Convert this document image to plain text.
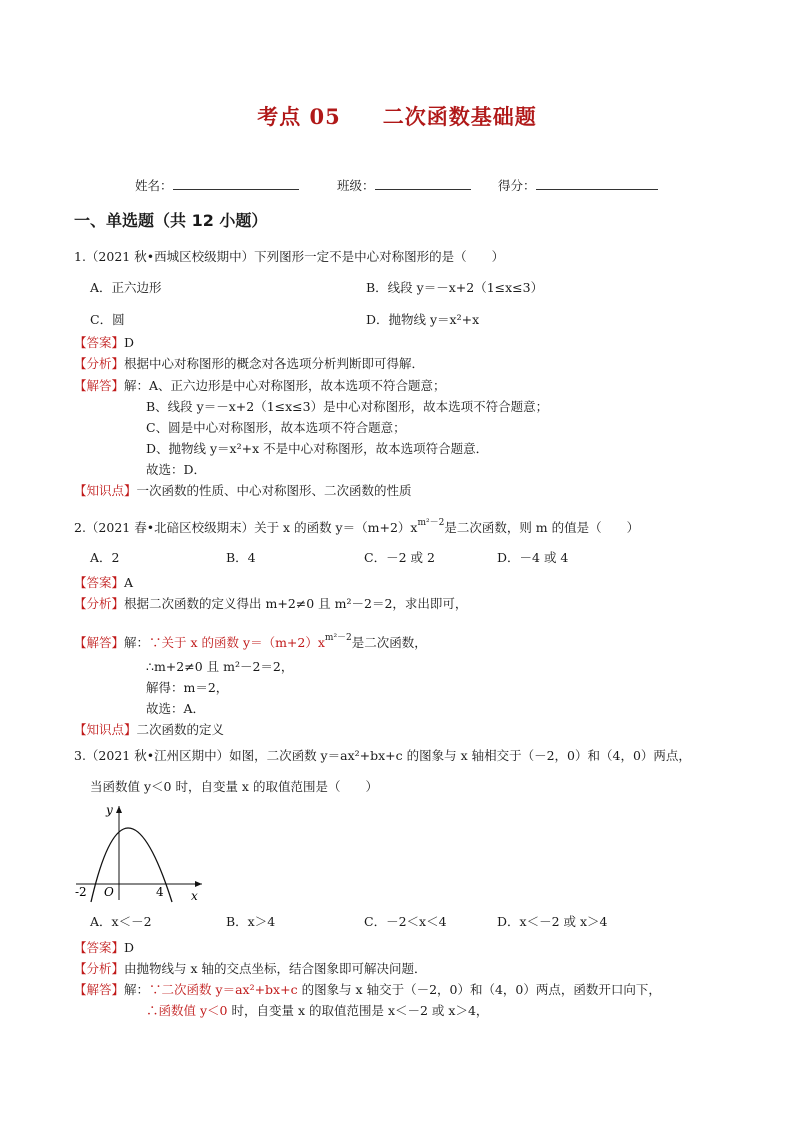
考点 05 二次函数基础题
姓名：	班级：	得分：
一、单选题（共 12 小题）
1.（2021 秋•西城区校级期中）下列图形一定不是中心对称图形的是（　　）
A．正六边形	B．线段 y＝－x+2（1≤x≤3）
C．圆	D．抛物线 y＝x²+x
【答案】D
【分析】根据中心对称图形的概念对各选项分析判断即可得解．
【解答】解：A、正六边形是中心对称图形，故本选项不符合题意；
B、线段 y＝－x+2（1≤x≤3）是中心对称图形，故本选项不符合题意；
C、圆是中心对称图形，故本选项不符合题意；
D、抛物线 y＝x²+x 不是中心对称图形，故本选项符合题意．
故选：D．
【知识点】一次函数的性质、中心对称图形、二次函数的性质
2.（2021 春•北碚区校级期末）关于 x 的函数 $y=(m+2)x^{m^2-2}$是二次函数，则 m 的值是（　　）
A．2	B．4	C．－2 或 2	D．－4 或 4
【答案】A
【分析】根据二次函数的定义得出 m+2≠0 且 m²－2＝2，求出即可，
【解答】解：∵关于 x 的函数 $y=(m+2)x^{m^2-2}$是二次函数，
∴m+2≠0 且 m²－2＝2，
解得：m＝2，
故选：A．
【知识点】二次函数的定义
3.（2021 秋•江州区期中）如图，二次函数 y＝ax²+bx+c 的图象与 x 轴相交于（－2，0）和（4，0）两点，
当函数值 y＜0 时，自变量 x 的取值范围是（　　）
y
x
-2 O	4
A．x＜－2	B．x＞4	C．－2＜x＜4	D．x＜－2 或 x＞4
【答案】D
【分析】由抛物线与 x 轴的交点坐标，结合图象即可解决问题．
【解答】解：∵二次函数 y＝ax²+bx+c 的图象与 x 轴交于（－2，0）和（4，0）两点，函数开口向下，
∴函数值 y＜0 时，自变量 x 的取值范围是 x＜－2 或 x＞4，
